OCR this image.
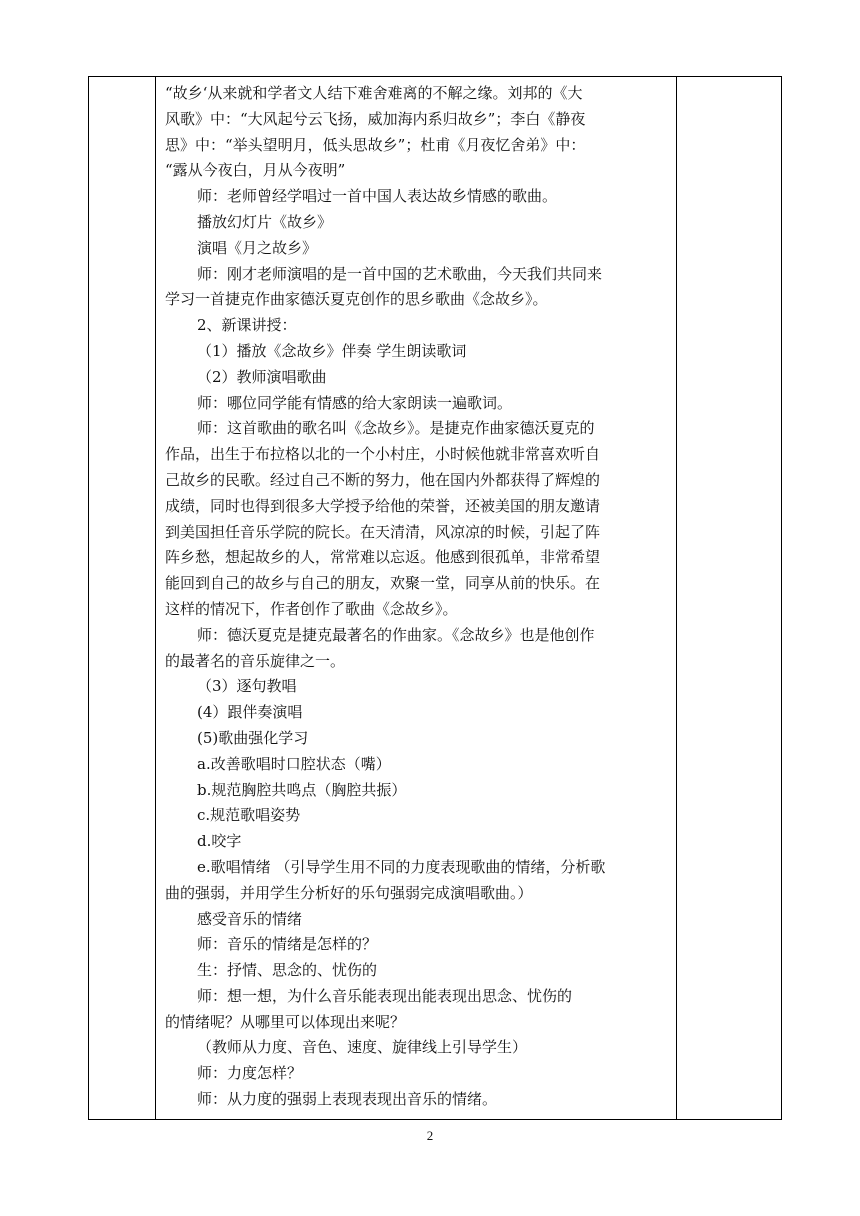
“故乡‘从来就和学者文人结下难舍难离的不解之缘。刘邦的《大

风歌》中：“大风起兮云飞扬，威加海内系归故乡”；李白《静夜

思》中：“举头望明月，低头思故乡”；杜甫《月夜忆舍弟》中：

“露从今夜白，月从今夜明”

师：老师曾经学唱过一首中国人表达故乡情感的歌曲。

播放幻灯片《故乡》

演唱《月之故乡》

师：刚才老师演唱的是一首中国的艺术歌曲，今天我们共同来

学习一首捷克作曲家德沃夏克创作的思乡歌曲《念故乡》。

2、新课讲授：

（1）播放《念故乡》伴奏 学生朗读歌词

（2）教师演唱歌曲

师：哪位同学能有情感的给大家朗读一遍歌词。

师：这首歌曲的歌名叫《念故乡》。是捷克作曲家德沃夏克的

作品，出生于布拉格以北的一个小村庄，小时候他就非常喜欢听自

己故乡的民歌。经过自己不断的努力，他在国内外都获得了辉煌的

成绩，同时也得到很多大学授予给他的荣誉，还被美国的朋友邀请

到美国担任音乐学院的院长。在天清清，风凉凉的时候，引起了阵

阵乡愁，想起故乡的人，常常难以忘返。他感到很孤单，非常希望

能回到自己的故乡与自己的朋友，欢聚一堂，同享从前的快乐。在

这样的情况下，作者创作了歌曲《念故乡》。

师：德沃夏克是捷克最著名的作曲家。《念故乡》也是他创作

的最著名的音乐旋律之一。

（3）逐句教唱

(4）跟伴奏演唱

(5)歌曲强化学习

a.改善歌唱时口腔状态（嘴）

b.规范胸腔共鸣点（胸腔共振）

c.规范歌唱姿势

d.咬字

e.歌唱情绪 （引导学生用不同的力度表现歌曲的情绪，分析歌

曲的强弱，并用学生分析好的乐句强弱完成演唱歌曲。）

感受音乐的情绪

师：音乐的情绪是怎样的？

生：抒情、思念的、忧伤的

师：想一想，为什么音乐能表现出能表现出思念、忧伤的

的情绪呢？从哪里可以体现出来呢？

（教师从力度、音色、速度、旋律线上引导学生）

师：力度怎样？

师：从力度的强弱上表现表现出音乐的情绪。

2
